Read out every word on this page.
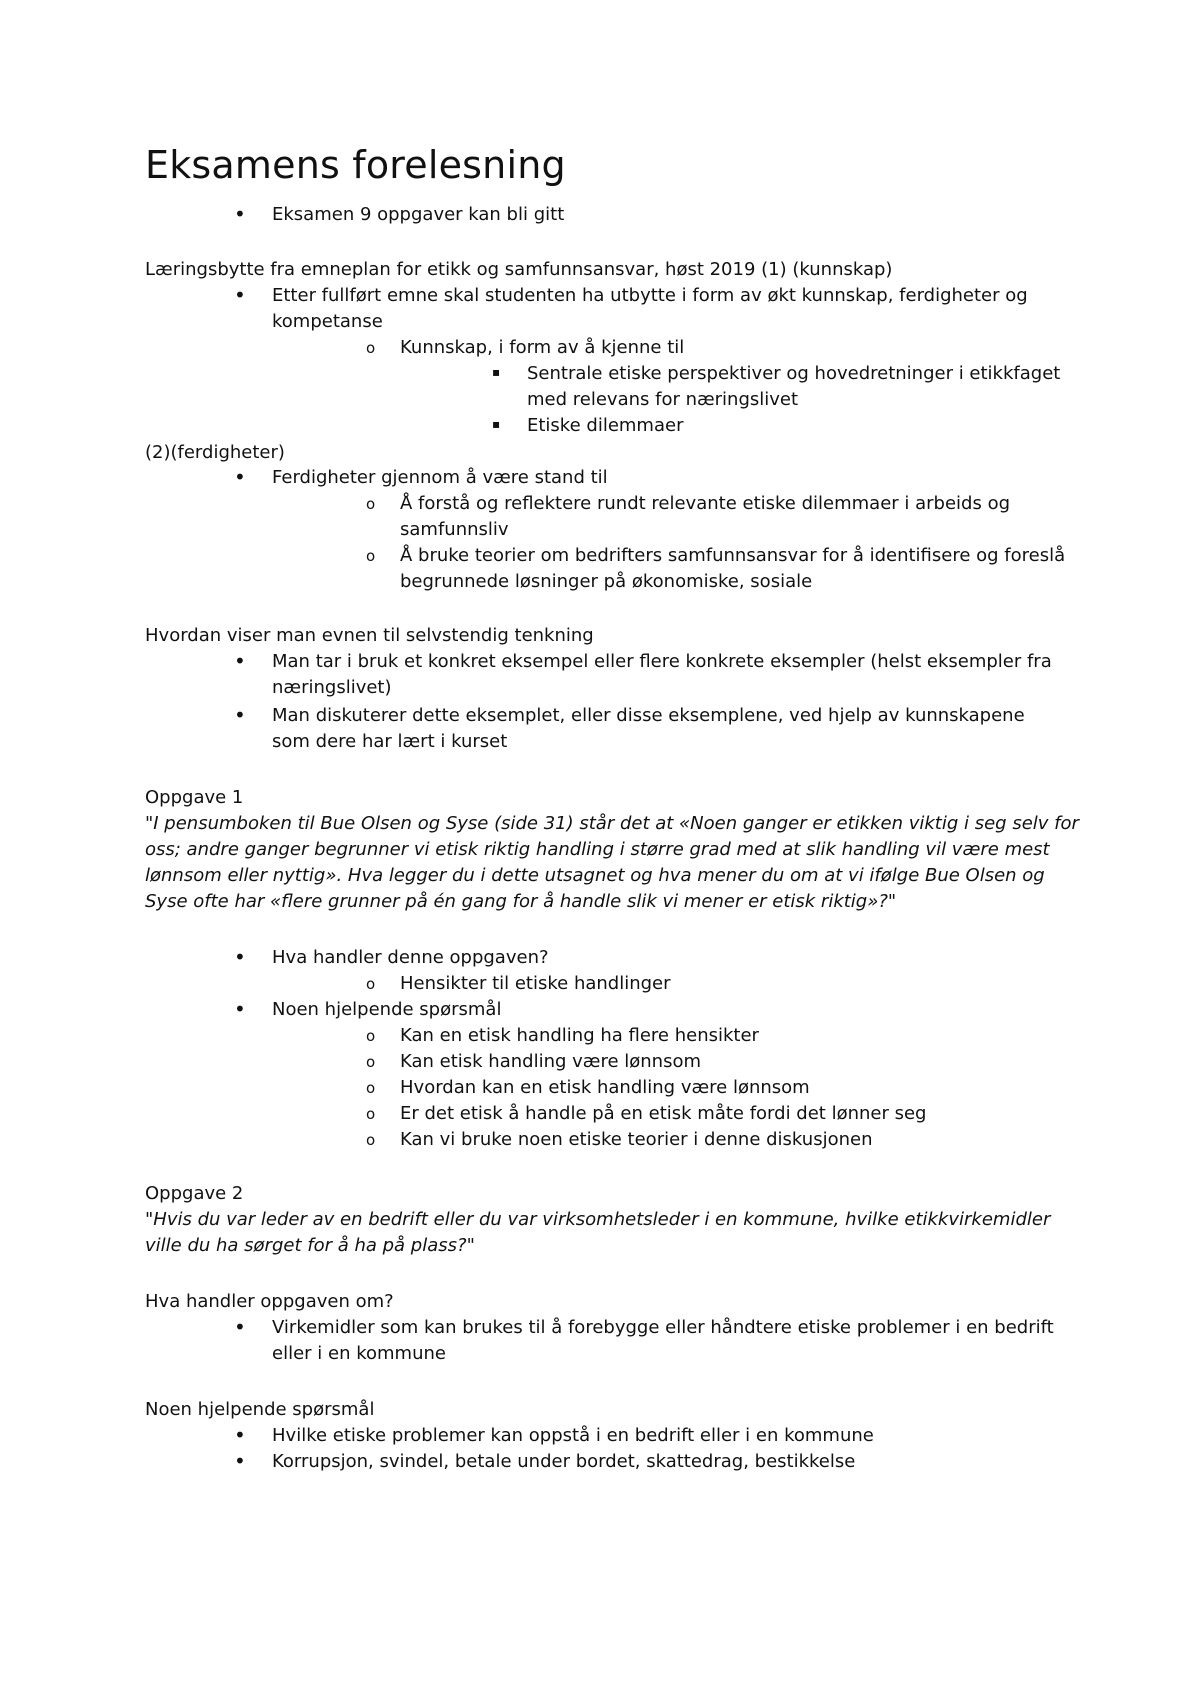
Eksamens forelesning
• Eksamen 9 oppgaver kan bli gitt
Læringsbytte fra emneplan for etikk og samfunnsansvar, høst 2019 (1) (kunnskap)
• Etter fullført emne skal studenten ha utbytte i form av økt kunnskap, ferdigheter og
kompetanse
o Kunnskap, i form av å kjenne til
▪ Sentrale etiske perspektiver og hovedretninger i etikkfaget
med relevans for næringslivet
▪ Etiske dilemmaer
(2)(ferdigheter)
• Ferdigheter gjennom å være stand til
o Å forstå og reflektere rundt relevante etiske dilemmaer i arbeids og
samfunnsliv
o Å bruke teorier om bedrifters samfunnsansvar for å identifisere og foreslå
begrunnede løsninger på økonomiske, sosiale
Hvordan viser man evnen til selvstendig tenkning
• Man tar i bruk et konkret eksempel eller flere konkrete eksempler (helst eksempler fra
næringslivet)
• Man diskuterer dette eksemplet, eller disse eksemplene, ved hjelp av kunnskapene
som dere har lært i kurset
Oppgave 1
"I pensumboken til Bue Olsen og Syse (side 31) står det at «Noen ganger er etikken viktig i seg selv for
oss; andre ganger begrunner vi etisk riktig handling i større grad med at slik handling vil være mest
lønnsom eller nyttig». Hva legger du i dette utsagnet og hva mener du om at vi ifølge Bue Olsen og
Syse ofte har «flere grunner på én gang for å handle slik vi mener er etisk riktig»?"
• Hva handler denne oppgaven?
o Hensikter til etiske handlinger
• Noen hjelpende spørsmål
o Kan en etisk handling ha flere hensikter
o Kan etisk handling være lønnsom
o Hvordan kan en etisk handling være lønnsom
o Er det etisk å handle på en etisk måte fordi det lønner seg
o Kan vi bruke noen etiske teorier i denne diskusjonen
Oppgave 2
"Hvis du var leder av en bedrift eller du var virksomhetsleder i en kommune, hvilke etikkvirkemidler
ville du ha sørget for å ha på plass?"
Hva handler oppgaven om?
• Virkemidler som kan brukes til å forebygge eller håndtere etiske problemer i en bedrift
eller i en kommune
Noen hjelpende spørsmål
• Hvilke etiske problemer kan oppstå i en bedrift eller i en kommune
• Korrupsjon, svindel, betale under bordet, skattedrag, bestikkelse
